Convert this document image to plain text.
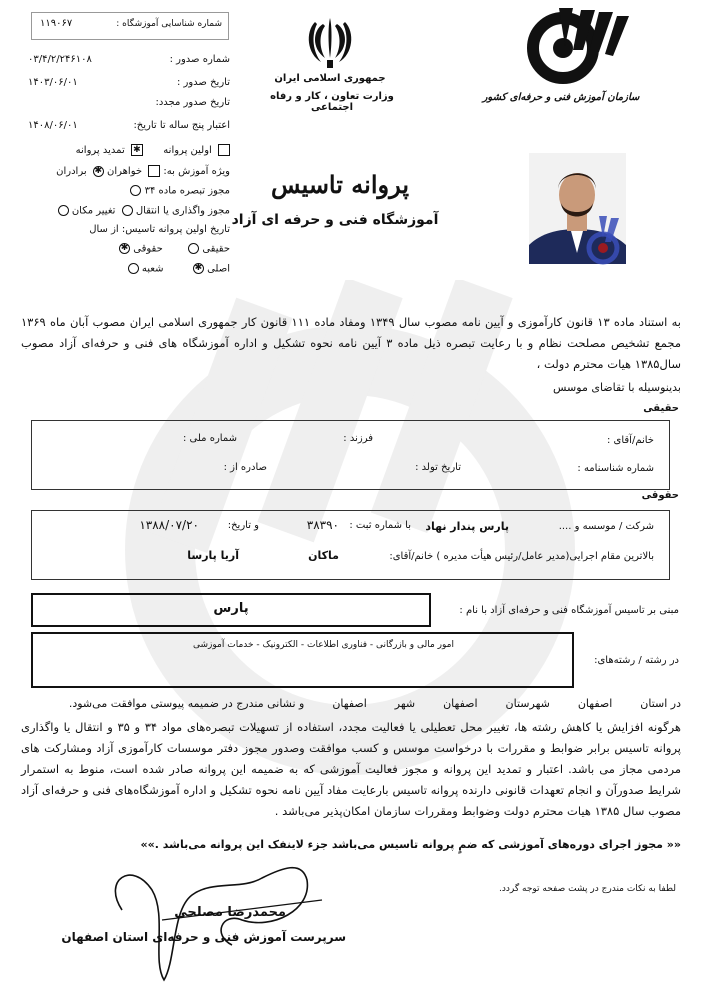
شماره شناسایی آموزشگاه :
۱۱۹۰۶۷
شماره صدور :
۰۳/۴/۲/۲۴۶۱۰۸
تاریخ صدور :
۱۴۰۳/۰۶/۰۱
تاریخ صدور مجدد:
اعتبار پنج ساله تا تاریخ:
۱۴۰۸/۰۶/۰۱
اولین پروانه  ✱ تمدید پروانه
ویژه آموزش به:  خواهران ✱ برادران
مجوز تبصره ماده ۳۴
مجوز واگذاری یا انتقال  تغییر مکان
تاریخ اولین پروانه تاسیس: از سال
حقیقی   حقوقی ✱
اصلی ✱  شعبه
جمهوری اسلامی ایران
وزارت تعاون ، کار و رفاه اجتماعی
سازمان آموزش فنی و حرفه‌ای کشور
پروانه تاسیس
آموزشگاه فنی و حرفه ای آزاد
به استناد ماده ۱۳ قانون کارآموزی و آیین نامه مصوب سال ۱۳۴۹ ومفاد ماده ۱۱۱ قانون کار جمهوری اسلامی ایران مصوب آبان ماه ۱۳۶۹ مجمع تشخیص مصلحت نظام و با رعایت تبصره ذیل ماده ۳ آیین نامه نحوه تشکیل و اداره آموزشگاه های فنی و حرفه‌ای آزاد مصوب سال۱۳۸۵ هیات محترم دولت ،
بدینوسیله با تقاضای موسس
حقیقی
خانم/آقای :
فرزند :
شماره ملی :
شماره شناسنامه :
تاریخ تولد :
صادره از :
حقوقی
شرکت / موسسه و ....
پارس پندار نهاد
با شماره ثبت :
۳۸۳۹۰
و تاریخ:
۱۳۸۸/۰۷/۲۰
بالاترین مقام اجرایی(مدیر عامل/رئیس هیأت مدیره ) خانم/آقای:
ماکان
آریا پارسا
مبنی بر تاسیس آموزشگاه فنی و حرفه‌ای آزاد با نام :
پارس
در رشته / رشته‌های:
امور مالی و بازرگانی - فناوری اطلاعات - الکترونیک - خدمات آموزشی
در استان        اصفهان        شهرستان        اصفهان        شهر        اصفهان        و نشانی مندرج در ضمیمه پیوستی موافقت می‌شود.
هرگونه افزایش یا کاهش رشته ها، تغییر محل تعطیلی یا فعالیت مجدد، استفاده از تسهیلات تبصره‌های مواد ۳۴ و ۳۵ و انتقال یا واگذاری پروانه تاسیس برابر ضوابط و مقررات با درخواست موسس و کسب موافقت وصدور مجوز دفتر موسسات کارآموزی آزاد ومشارکت های مردمی مجاز می باشد. اعتبار و تمدید این پروانه و مجوز فعالیت آموزشی که به ضمیمه این پروانه صادر شده است، منوط به استمرار شرایط صدورآن و انجام تعهدات قانونی دارنده پروانه تاسیس بارعایت مفاد آیین نامه نحوه تشکیل و اداره آموزشگاه‌های فنی و حرفه‌ای آزاد مصوب سال ۱۳۸۵ هیات محترم دولت وضوابط ومقررات سازمان امکان‌پذیر می‌باشد .
«« مجوز اجرای دوره‌های آموزشی که ضمٍ پروانه تاسیس می‌باشد جزء لاینفک این پروانه می‌باشد .»»
لطفا به نکات مندرج در پشت صفحه توجه گردد.
محمدرضا مصلحی
سرپرست آموزش فنی و حرفه‌ای استان اصفهان
